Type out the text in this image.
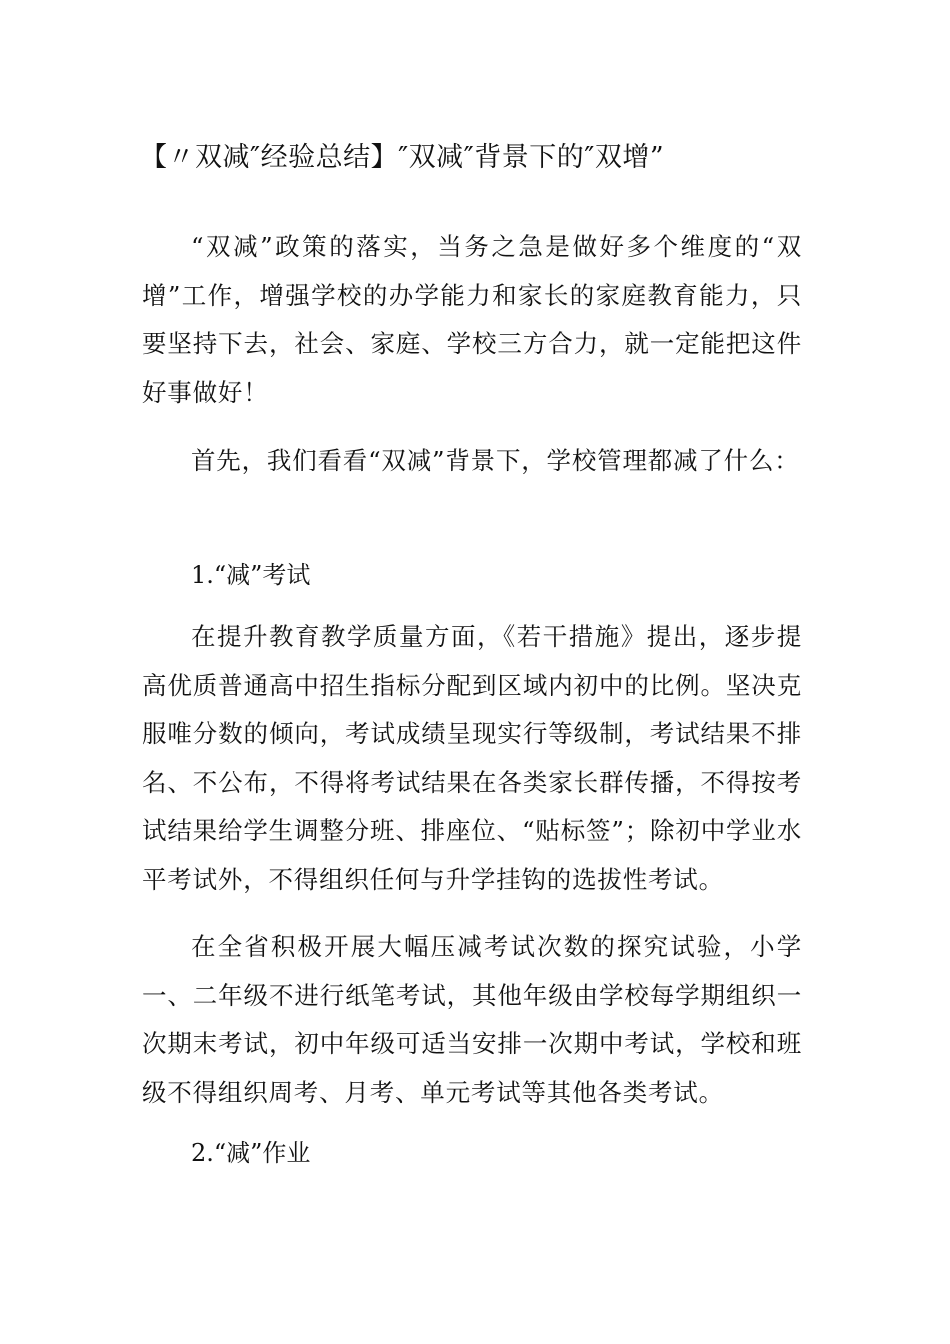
【〃双减″经验总结】″双减″背景下的″双增”

“双减”政策的落实，当务之急是做好多个维度的“双增”工作，增强学校的办学能力和家长的家庭教育能力，只要坚持下去，社会、家庭、学校三方合力，就一定能把这件好事做好！

首先，我们看看“双减”背景下，学校管理都减了什么：

1.“减”考试

在提升教育教学质量方面，《若干措施》提出，逐步提高优质普通高中招生指标分配到区域内初中的比例。坚决克服唯分数的倾向，考试成绩呈现实行等级制，考试结果不排名、不公布，不得将考试结果在各类家长群传播，不得按考试结果给学生调整分班、排座位、“贴标签”；除初中学业水平考试外，不得组织任何与升学挂钩的选拔性考试。

在全省积极开展大幅压减考试次数的探究试验，小学一、二年级不进行纸笔考试，其他年级由学校每学期组织一次期末考试，初中年级可适当安排一次期中考试，学校和班级不得组织周考、月考、单元考试等其他各类考试。

2.“减”作业
